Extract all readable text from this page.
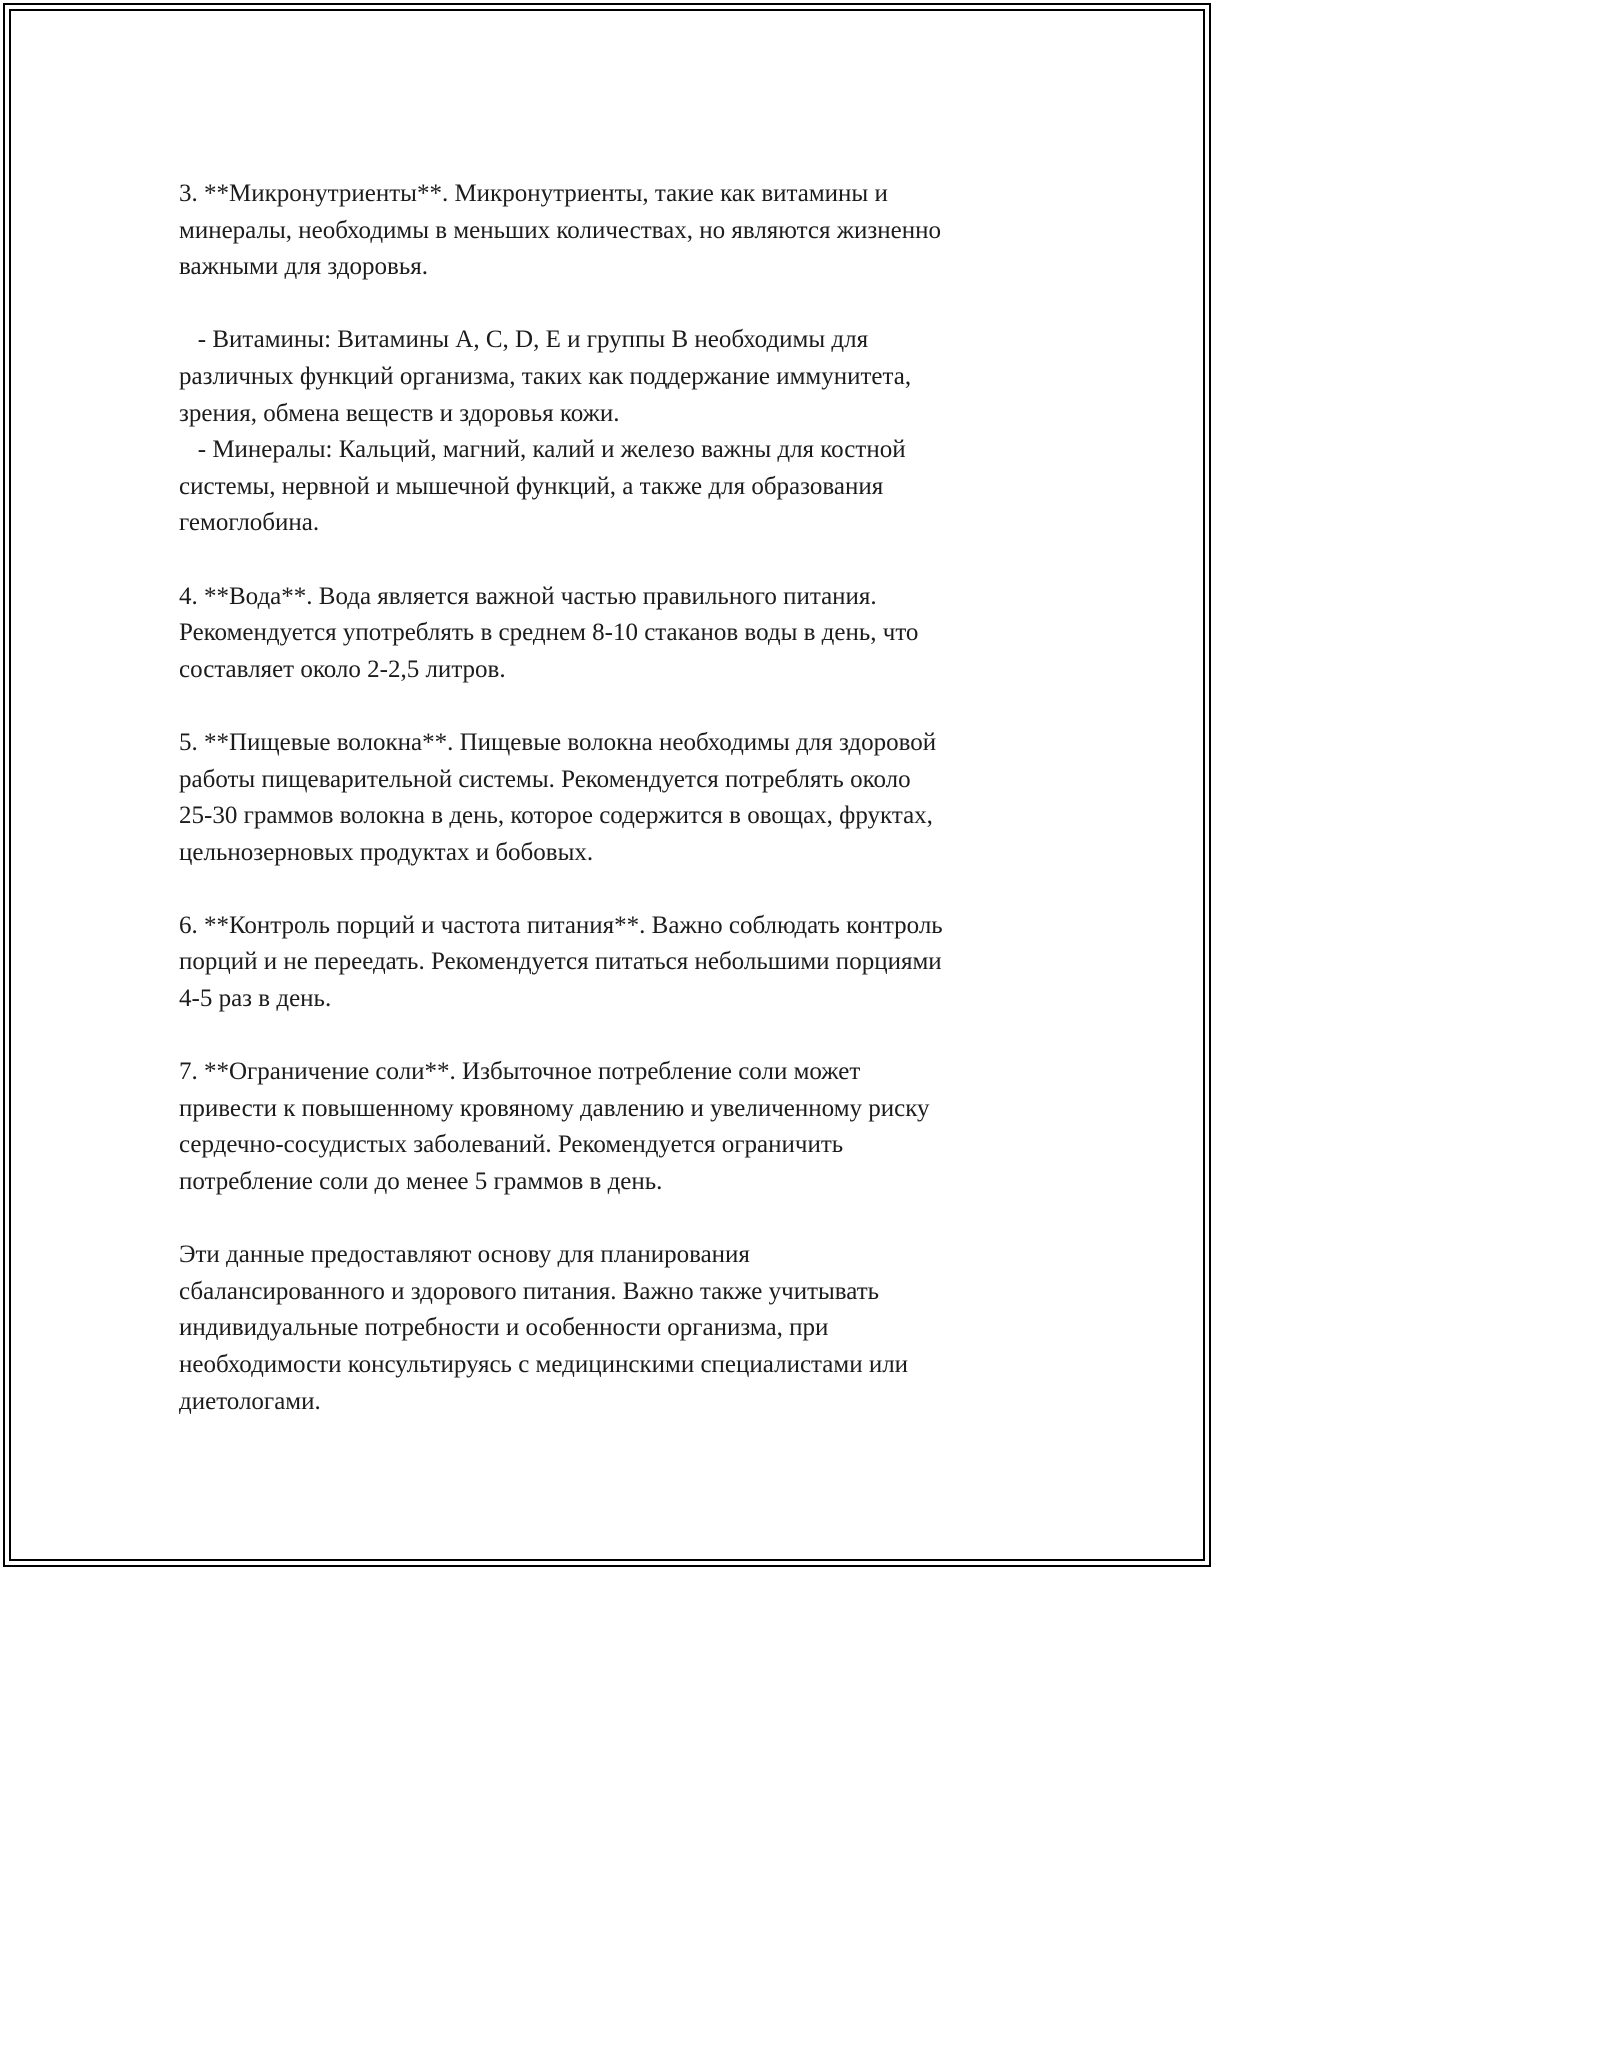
3. **Микронутриенты**. Микронутриенты, такие как витамины и
минералы, необходимы в меньших количествах, но являются жизненно
важными для здоровья.
- Витамины: Витамины A, C, D, E и группы B необходимы для
различных функций организма, таких как поддержание иммунитета,
зрения, обмена веществ и здоровья кожи.
- Минералы: Кальций, магний, калий и железо важны для костной
системы, нервной и мышечной функций, а также для образования
гемоглобина.
4. **Вода**. Вода является важной частью правильного питания.
Рекомендуется употреблять в среднем 8-10 стаканов воды в день, что
составляет около 2-2,5 литров.
5. **Пищевые волокна**. Пищевые волокна необходимы для здоровой
работы пищеварительной системы. Рекомендуется потреблять около
25-30 граммов волокна в день, которое содержится в овощах, фруктах,
цельнозерновых продуктах и бобовых.
6. **Контроль порций и частота питания**. Важно соблюдать контроль
порций и не переедать. Рекомендуется питаться небольшими порциями
4-5 раз в день.
7. **Ограничение соли**. Избыточное потребление соли может
привести к повышенному кровяному давлению и увеличенному риску
сердечно-сосудистых заболеваний. Рекомендуется ограничить
потребление соли до менее 5 граммов в день.
Эти данные предоставляют основу для планирования
сбалансированного и здорового питания. Важно также учитывать
индивидуальные потребности и особенности организма, при
необходимости консультируясь с медицинскими специалистами или
диетологами.
